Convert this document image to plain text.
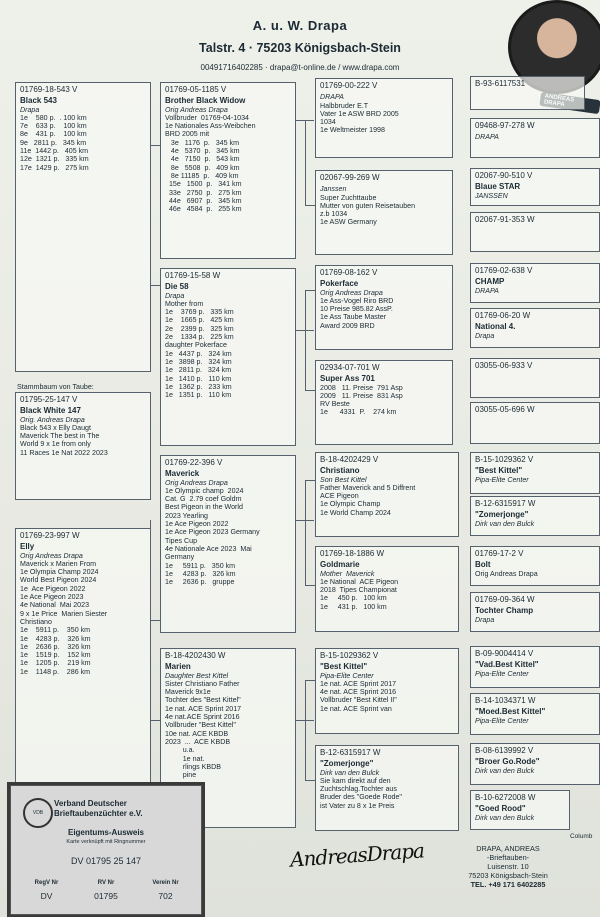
A. u. W. Drapa
Talstr. 4 · 75203 Königsbach-Stein
00491716402285 · drapa@t-online.de / www.drapa.com
01769-18-543 V
Black 543
Drapa
1e    580 p.  . 100 km
7e    633 p.    100 km
8e    431 p.    100 km
9e   2811 p.   345 km
11e  1442 p.   405 km
12e  1321 p.   335 km
17e  1429 p.   275 km
Stammbaum von Taube:
01795-25-147 V
Black White 147
Orig. Andreas Drapa
Black 543 x Elly Daugt
Maverick The best in The
World 9 x 1e from only
11 Races 1e Nat 2022 2023
01769-23-997 W
Elly
Orig Andreas Drapa
Maverick x Marien From
1e Olympia Champ 2024
World Best Pigeon 2024
1e  Ace Pigeon 2022
1e Ace Pigeon 2023
4e National  Mai 2023
9 x 1e Price  Marien Siester
Christiano
1e    5911 p.    350 km
1e    4283 p.    326 km
1e    2636 p.    326 km
1e    1519 p.    152 km
1e    1205 p.    219 km
1e    1148 p.    286 km
01769-05-1185 V
Brother Black Widow
Orig Andreas Drapa
Vollbruder  01769-04-1034
1e Nationales Ass-Weibchen
BRD 2005 mit
3e   1176  p.   345 km
4e   5370  p.   345 km
4e   7150  p.   543 km
8e   5508  p.   409 km
8e 11185  p.   409 km
15e   1500  p.   341 km
33e   2750  p.   275 km
44e   6907  p.   345 km
46e   4584  p.   255 km
01769-15-58 W
Die 58
Drapa
Mother from
1e    3769 p.   335 km
1e    1665 p.   425 km
2e    2399 p.   325 km
2e    1334 p.   225 km
daughter Pokerface
1e   4437 p.   324 km
1e   3898 p.   324 km
1e   2811 p.   324 km
1e   1410 p.   110 km
1e   1362 p.   233 km
1e   1351 p.   110 km
01769-22-396 V
Maverick
Orig Andreas Drapa
1e Olympic champ  2024
Cat. G  2.79 coef Goldm
Best Pigeon in the World
2023 Yearling
1e Ace Pigeon 2022
1e Ace Pigeon 2023 Germany
Tipes Cup
4e Nationale Ace 2023  Mai
Germany
1e     5911 p.   350 km
1e     4283 p.   326 km
1e     2636 p.   gruppe
B-18-4202430 W
Marien
Daughter Best Kittel
Sister Christiano Father
Maverick 9x1e
Tochter des "Best Kittel"
1e nat. ACE Sprint 2017
4e nat.ACE Sprint 2016
Vollbruder "Best Kittel"
10e nat. ACE KBDB
2023  ...  ACE KBDB
u.a.
1e nat.
rlings KBDB
pine
01769-00-222 V
DRAPA
Halbbruder E.T
Vater 1e ASW BRD 2005
1034
1e Weltmeister 1998
02067-99-269 W
Janssen
Super Zuchttaube
Mutter von guten Reisetauben
z.b 1034
1e ASW Germany
01769-08-162 V
Pokerface
Orig Andreas Drapa
1e Ass-Vogel Riro BRD
10 Preise 985.82 AssP.
1e Ass Taube Master
Award 2009 BRD
02934-07-701 W
Super Ass 701
2008   11. Preise  791 Asp
2009   11. Preise  831 Asp
RV Beste
1e      4331  P.    274 km
B-18-4202429 V
Christiano
Son Best Kittel
Father Maverick and 5 Diffrent
ACE Pigeon
1e Olympic Champ
1e World Champ 2024
01769-18-1886 W
Goldmarie
Mother  Maverick
1e National  ACE Pigeon
2018  Tipes Championat
1e     450 p.   100 km
1e     431 p.   100 km
B-15-1029362 V
"Best Kittel"
Pipa-Elite Center
1e nat. ACE Sprint 2017
4e nat. ACE Sprint 2016
Vollbruder "Best Kittel II"
1e nat. ACE Sprint van
B-12-6315917 W
"Zomerjonge"
Dirk van den Bulck
Sie kam direkt auf den
Zuchtschlag.Tochter aus
Bruder des "Goede Rode"
ist Vater zu 8 x 1e Preis
B-93-6117531
09468-97-278 W
DRAPA
02067-90-510 V
Blaue STAR
JANSSEN
02067-91-353 W
01769-02-638 V
CHAMP
DRAPA
01769-06-20 W
National 4.
Drapa
03055-06-933 V
03055-05-696 W
B-15-1029362 V
"Best Kittel"
Pipa-Elite Center
B-12-6315917 W
"Zomerjonge"
Dirk van den Bulck
01769-17-2 V
Bolt
Orig Andreas Drapa
01769-09-364 W
Tochter Champ
Drapa
B-09-9004414 V
"Vad.Best Kittel"
Pipa-Elite Center
B-14-1034371 W
"Moed.Best Kittel"
Pipa-Elite Center
B-08-6139992 V
"Broer Go.Rode"
Dirk van den Bulck
B-10-6272008 W
"Goed Rood"
Dirk van den Bulck
Columb
VDB
Verband Deutscher
Brieftaubenzüchter e.V.
Eigentums-Ausweis
Karte verknüpft mit Ringnummer
DV 01795 25 147
RegV Nr	RV Nr	Verein Nr
DV	01795	702
AndreasDrapa	DRAPA, ANDREAS
-Brieftauben-
Luisenstr. 10
75203 Königsbach-Stein
TEL. +49 171 6402285
